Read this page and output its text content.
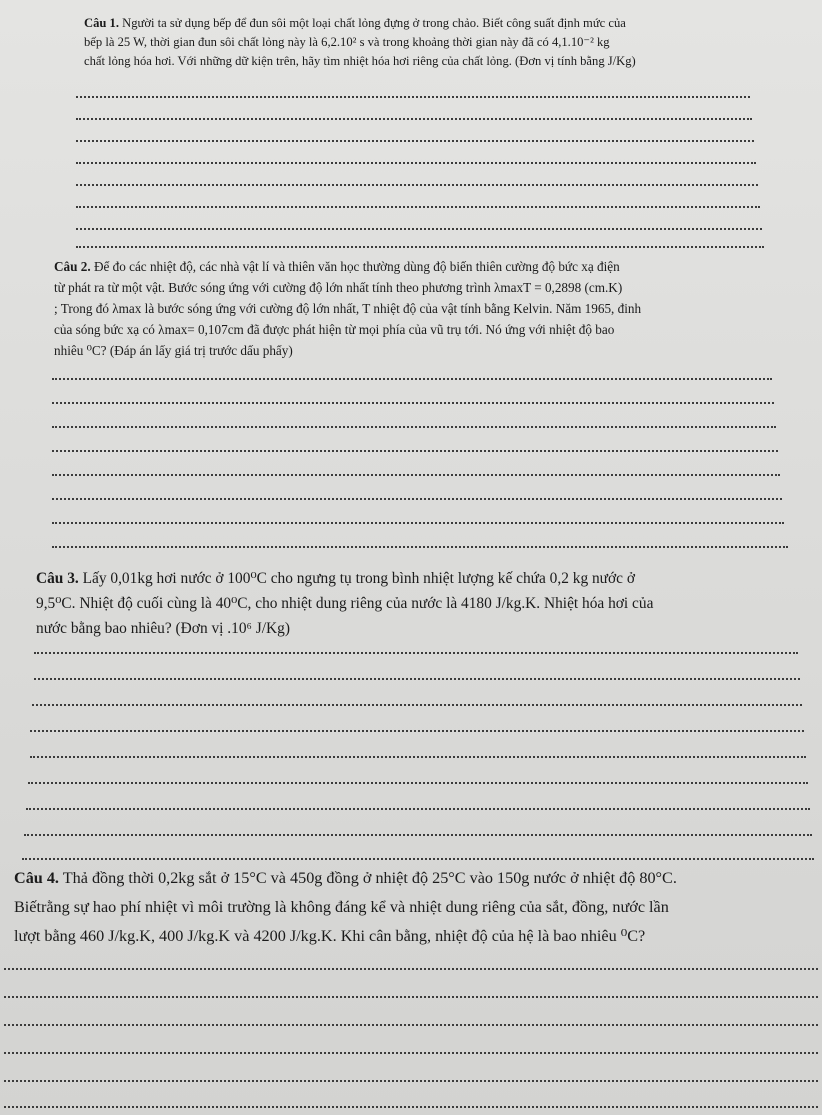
Câu 1. Người ta sử dụng bếp để đun sôi một loại chất lỏng đựng ở trong chảo. Biết công suất định mức của
bếp là 25 W, thời gian đun sôi chất lỏng này là 6,2.10² s và trong khoảng thời gian này đã có 4,1.10⁻² kg
chất lỏng hóa hơi. Với những dữ kiện trên, hãy tìm nhiệt hóa hơi riêng của chất lỏng. (Đơn vị tính bằng J/Kg)
Câu 2. Để đo các nhiệt độ, các nhà vật lí và thiên văn học thường dùng độ biến thiên cường độ bức xạ điện
từ phát ra từ một vật. Bước sóng ứng với cường độ lớn nhất tính theo phương trình λmaxT = 0,2898 (cm.K)
; Trong đó λmax là bước sóng ứng với cường độ lớn nhất, T nhiệt độ của vật tính bằng Kelvin. Năm 1965, đinh
của sóng bức xạ có λmax= 0,107cm đã được phát hiện từ mọi phía của vũ trụ tới. Nó ứng với nhiệt độ bao
nhiêu ⁰C? (Đáp án lấy giá trị trước dấu phẩy)
Câu 3. Lấy 0,01kg hơi nước ở 100⁰C cho ngưng tụ trong bình nhiệt lượng kế chứa 0,2 kg nước ở
9,5⁰C. Nhiệt độ cuối cùng là 40⁰C, cho nhiệt dung riêng của nước là 4180 J/kg.K. Nhiệt hóa hơi của
nước bằng bao nhiêu? (Đơn vị .10⁶ J/Kg)
Câu 4. Thả đồng thời 0,2kg sắt ở 15°C và 450g đồng ở nhiệt độ 25°C vào 150g nước ở nhiệt độ 80°C.
Biếtrằng sự hao phí nhiệt vì môi trường là không đáng kể và nhiệt dung riêng của sắt, đồng, nước lần
lượt bằng 460 J/kg.K, 400 J/kg.K và 4200 J/kg.K. Khi cân bằng, nhiệt độ của hệ là bao nhiêu ⁰C?
